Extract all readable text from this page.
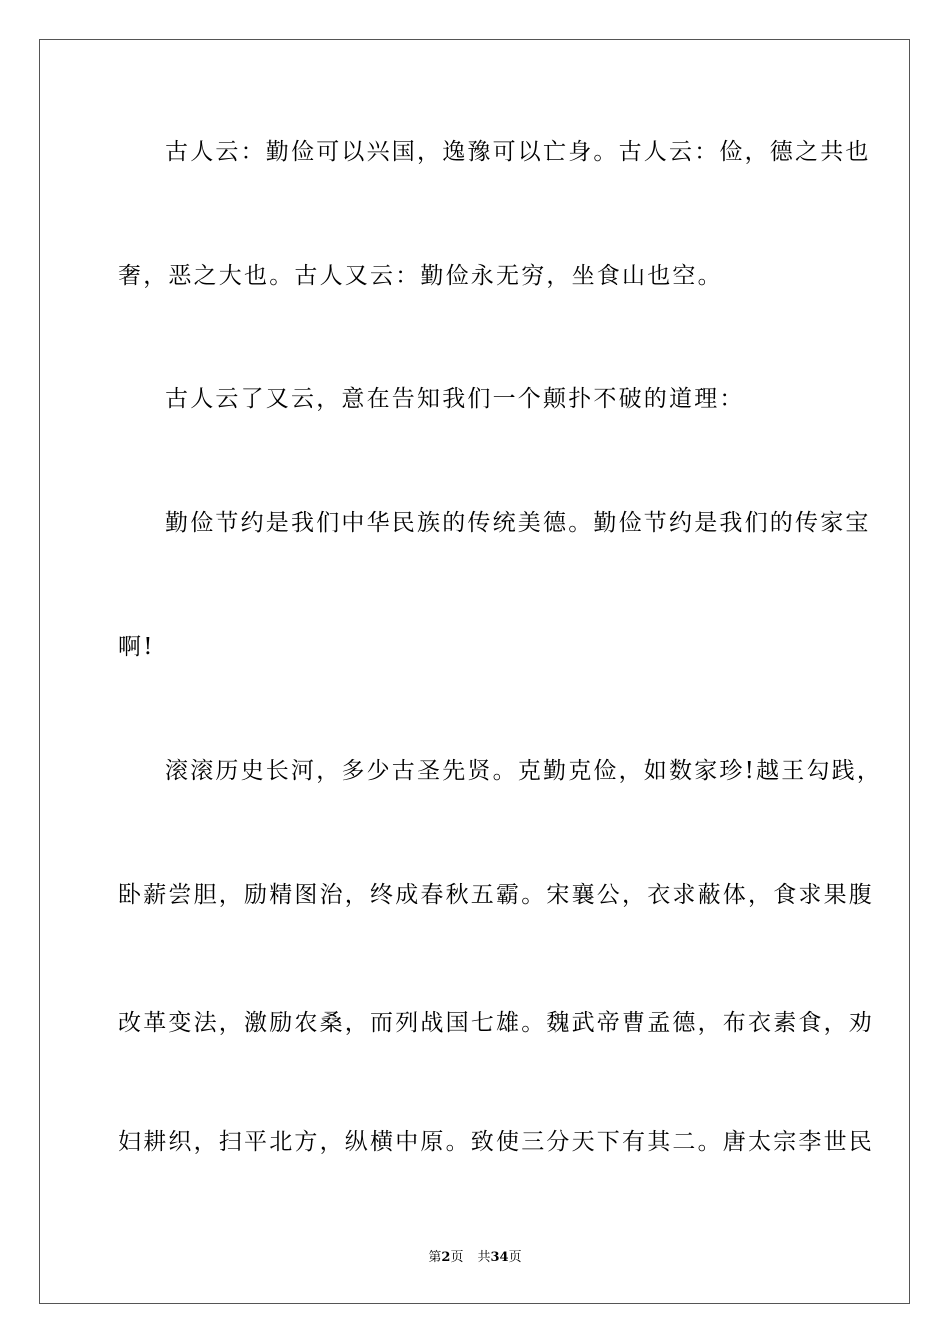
古人云：勤俭可以兴国，逸豫可以亡身。古人云：俭，德之共也
奢，恶之大也。古人又云：勤俭永无穷，坐食山也空。
古人云了又云，意在告知我们一个颠扑不破的道理：
勤俭节约是我们中华民族的传统美德。勤俭节约是我们的传家宝
啊!
滚滚历史长河，多少古圣先贤。克勤克俭，如数家珍!越王勾践，
卧薪尝胆，励精图治，终成春秋五霸。宋襄公，衣求蔽体，食求果腹
改革变法，激励农桑，而列战国七雄。魏武帝曹孟德，布衣素食，劝
妇耕织，扫平北方，纵横中原。致使三分天下有其二。唐太宗李世民
第2页 共34页
